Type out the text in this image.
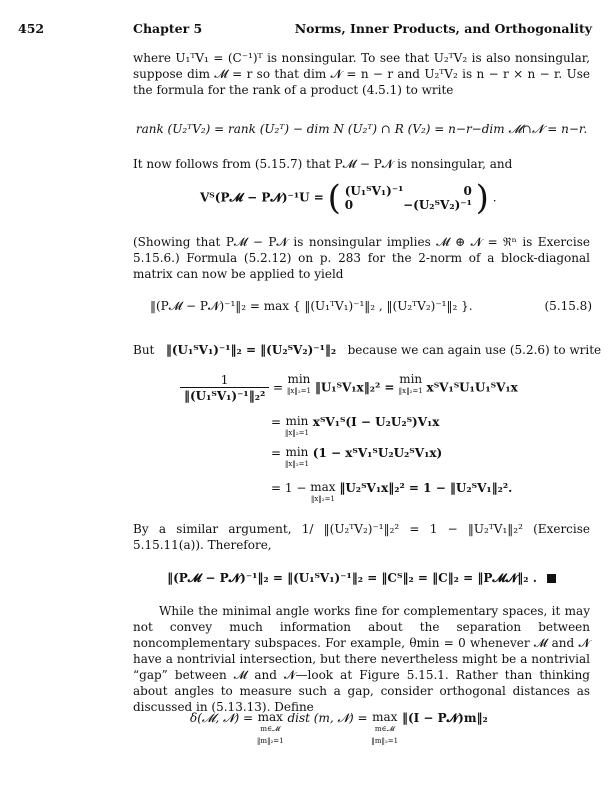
452	Chapter 5	Norms, Inner Products, and Orthogonality
where U₁ᵀV₁ = (C⁻¹)ᵀ is nonsingular. To see that U₂ᵀV₂ is also nonsingular, suppose dim 𝓜 = r so that dim 𝓝 = n − r and U₂ᵀV₂ is n − r × n − r. Use the formula for the rank of a product (4.5.1) to write
rank (U₂ᵀV₂) = rank (U₂ᵀ) − dim N (U₂ᵀ) ∩ R (V₂) = n−r−dim 𝓜∩𝓝 = n−r.
It now follows from (5.15.7) that P𝓜 − P𝓝 is nonsingular, and
Vᵀ(P𝓜 − P𝓝)⁻¹U = ( (U₁ᵀV₁)⁻¹	0
0	−(U₂ᵀV₂)⁻¹ ) .
(Showing that P𝓜 − P𝓝 is nonsingular implies 𝓜 ⊕ 𝓝 = ℜⁿ is Exercise 5.15.6.) Formula (5.2.12) on p. 283 for the 2-norm of a block-diagonal matrix can now be applied to yield
‖(P𝓜 − P𝓝)⁻¹‖₂ = max { ‖(U₁ᵀV₁)⁻¹‖₂ , ‖(U₂ᵀV₂)⁻¹‖₂ }.	(5.15.8)
But ‖(U₁ᵀV₁)⁻¹‖₂ = ‖(U₂ᵀV₂)⁻¹‖₂ because we can again use (5.2.6) to write
$\frac{1}{\text{‖(U₁ᵀV₁)⁻¹‖₂²}} = \min$
‖x‖₂=1 ‖U₁ᵀV₁x‖₂² = min
‖x‖₂=1 xᵀV₁ᵀU₁U₁ᵀV₁x
= min
‖x‖₂=1
xᵀV₁ᵀ(I − U₂U₂ᵀ)V₁x
= min
‖x‖₂=1
(1 − xᵀV₁ᵀU₂U₂ᵀV₁x)
= 1 − max
‖x‖₂=1
‖U₂ᵀV₁x‖₂² = 1 − ‖U₂ᵀV₁‖₂².
By a similar argument, 1/ ‖(U₂ᵀV₂)⁻¹‖₂² = 1 − ‖U₂ᵀV₁‖₂² (Exercise 5.15.11(a)). Therefore,
‖(P𝓜 − P𝓝)⁻¹‖₂ = ‖(U₁ᵀV₁)⁻¹‖₂ = ‖Cᵀ‖₂ = ‖C‖₂ = ‖P𝓜𝓝‖₂ .
While the minimal angle works fine for complementary spaces, it may not convey much information about the separation between noncomplementary subspaces. For example, θmin = 0 whenever 𝓜 and 𝓝 have a nontrivial intersection, but there nevertheless might be a nontrivial “gap” between 𝓜 and 𝓝—look at Figure 5.15.1. Rather than thinking about angles to measure such a gap, consider orthogonal distances as discussed in (5.13.13). Define
δ(𝓜, 𝓝) = max
m∈𝓜
‖m‖₂=1
dist (m, 𝓝) = max
m∈𝓜
‖m‖₂=1
‖(I − P𝓝)m‖₂
